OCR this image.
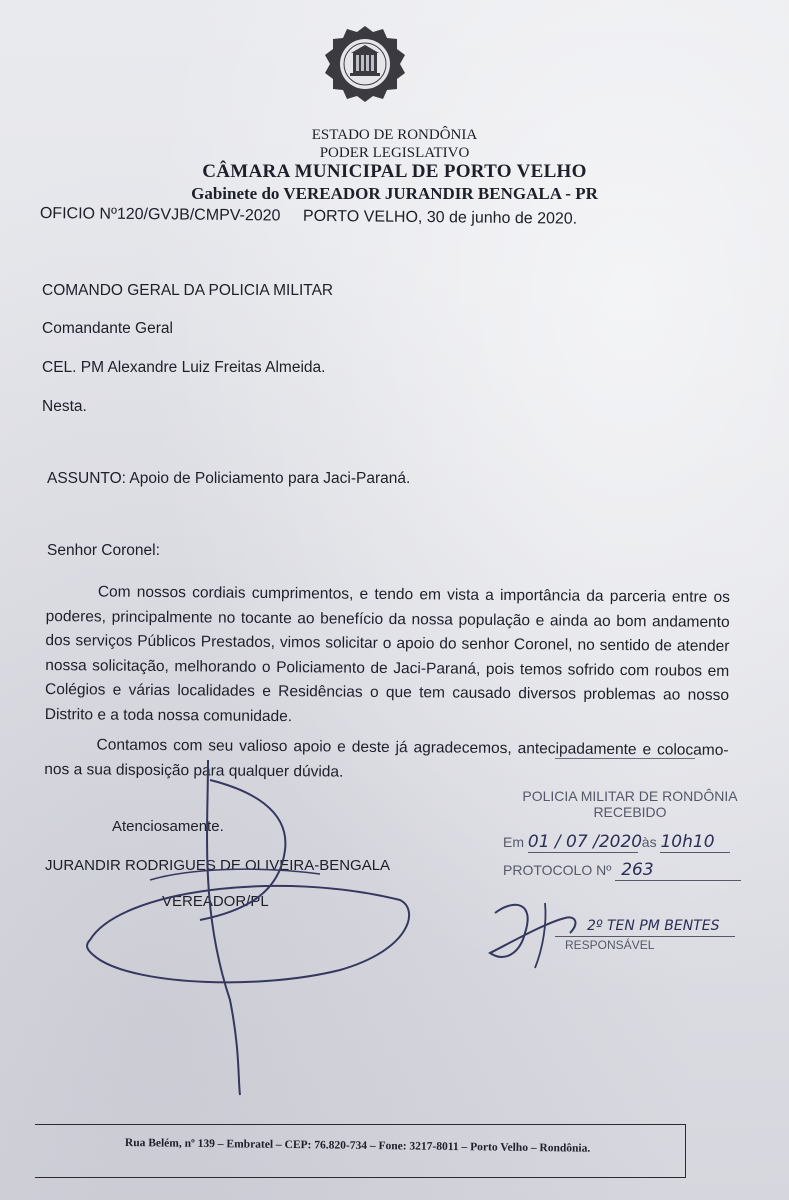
ESTADO DE RONDÔNIA
PODER LEGISLATIVO
CÂMARA MUNICIPAL DE PORTO VELHO
Gabinete do VEREADOR JURANDIR BENGALA - PR
OFICIO Nº120/GVJB/CMPV-2020 PORTO VELHO, 30 de junho de 2020.
COMANDO GERAL DA POLICIA MILITAR
Comandante Geral
CEL. PM Alexandre Luiz Freitas Almeida.
Nesta.
ASSUNTO: Apoio de Policiamento para Jaci-Paraná.
Senhor Coronel:

Com nossos cordiais cumprimentos, e tendo em vista a importância da parceria entre os poderes, principalmente no tocante ao benefício da nossa população e ainda ao bom andamento dos serviços Públicos Prestados, vimos solicitar o apoio do senhor Coronel, no sentido de atender nossa solicitação, melhorando o Policiamento de Jaci-Paraná, pois temos sofrido com roubos em Colégios e várias localidades e Residências o que tem causado diversos problemas ao nosso Distrito e a toda nossa comunidade.

Contamos com seu valioso apoio e deste já agradecemos, antecipadamente e colocamo-nos a sua disposição para qualquer dúvida.

Atenciosamente.
JURANDIR RODRIGUES DE OLIVEIRA-BENGALA
VEREADOR/PL
POLICIA MILITAR DE RONDÔNIA
RECEBIDO
Em 01 / 07 /2020 às 10h10
PROTOCOLO Nº 263
2º TEN PM BENTES
RESPONSÁVEL
Rua Belém, nº 139 – Embratel – CEP: 76.820-734 – Fone: 3217-8011 – Porto Velho – Rondônia.
